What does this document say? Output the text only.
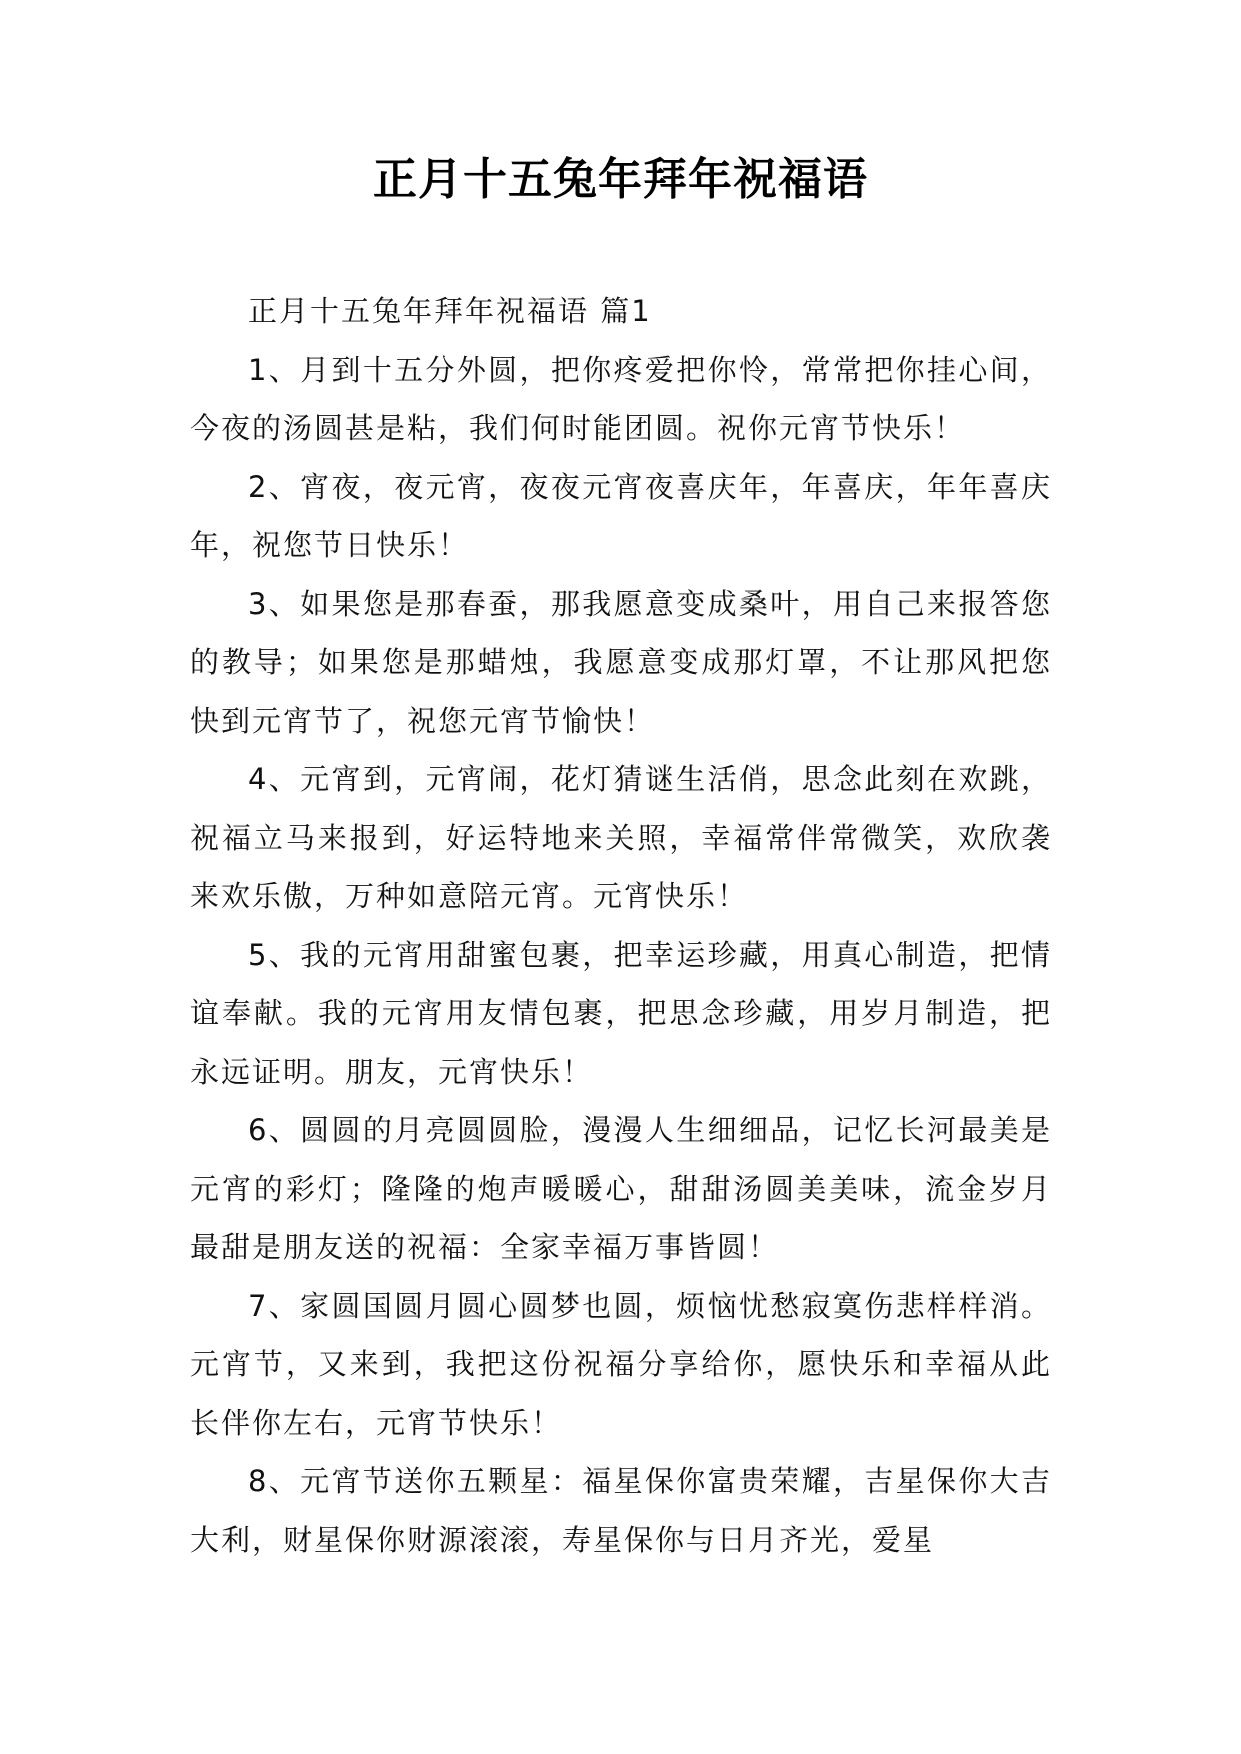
正月十五兔年拜年祝福语

正月十五兔年拜年祝福语 篇1

1、月到十五分外圆，把你疼爱把你怜，常常把你挂心间，今夜的汤圆甚是粘，我们何时能团圆。祝你元宵节快乐！

2、宵夜，夜元宵，夜夜元宵夜喜庆年，年喜庆，年年喜庆年，祝您节日快乐！

3、如果您是那春蚕，那我愿意变成桑叶，用自己来报答您的教导；如果您是那蜡烛，我愿意变成那灯罩，不让那风把您快到元宵节了，祝您元宵节愉快！

4、元宵到，元宵闹，花灯猜谜生活俏，思念此刻在欢跳，祝福立马来报到，好运特地来关照，幸福常伴常微笑，欢欣袭来欢乐傲，万种如意陪元宵。元宵快乐！

5、我的元宵用甜蜜包裹，把幸运珍藏，用真心制造，把情谊奉献。我的元宵用友情包裹，把思念珍藏，用岁月制造，把永远证明。朋友，元宵快乐！

6、圆圆的月亮圆圆脸，漫漫人生细细品，记忆长河最美是元宵的彩灯；隆隆的炮声暖暖心，甜甜汤圆美美味，流金岁月最甜是朋友送的祝福：全家幸福万事皆圆！

7、家圆国圆月圆心圆梦也圆，烦恼忧愁寂寞伤悲样样消。元宵节，又来到，我把这份祝福分享给你，愿快乐和幸福从此长伴你左右，元宵节快乐！

8、元宵节送你五颗星：福星保你富贵荣耀，吉星保你大吉大利，财星保你财源滚滚，寿星保你与日月齐光，爱星
